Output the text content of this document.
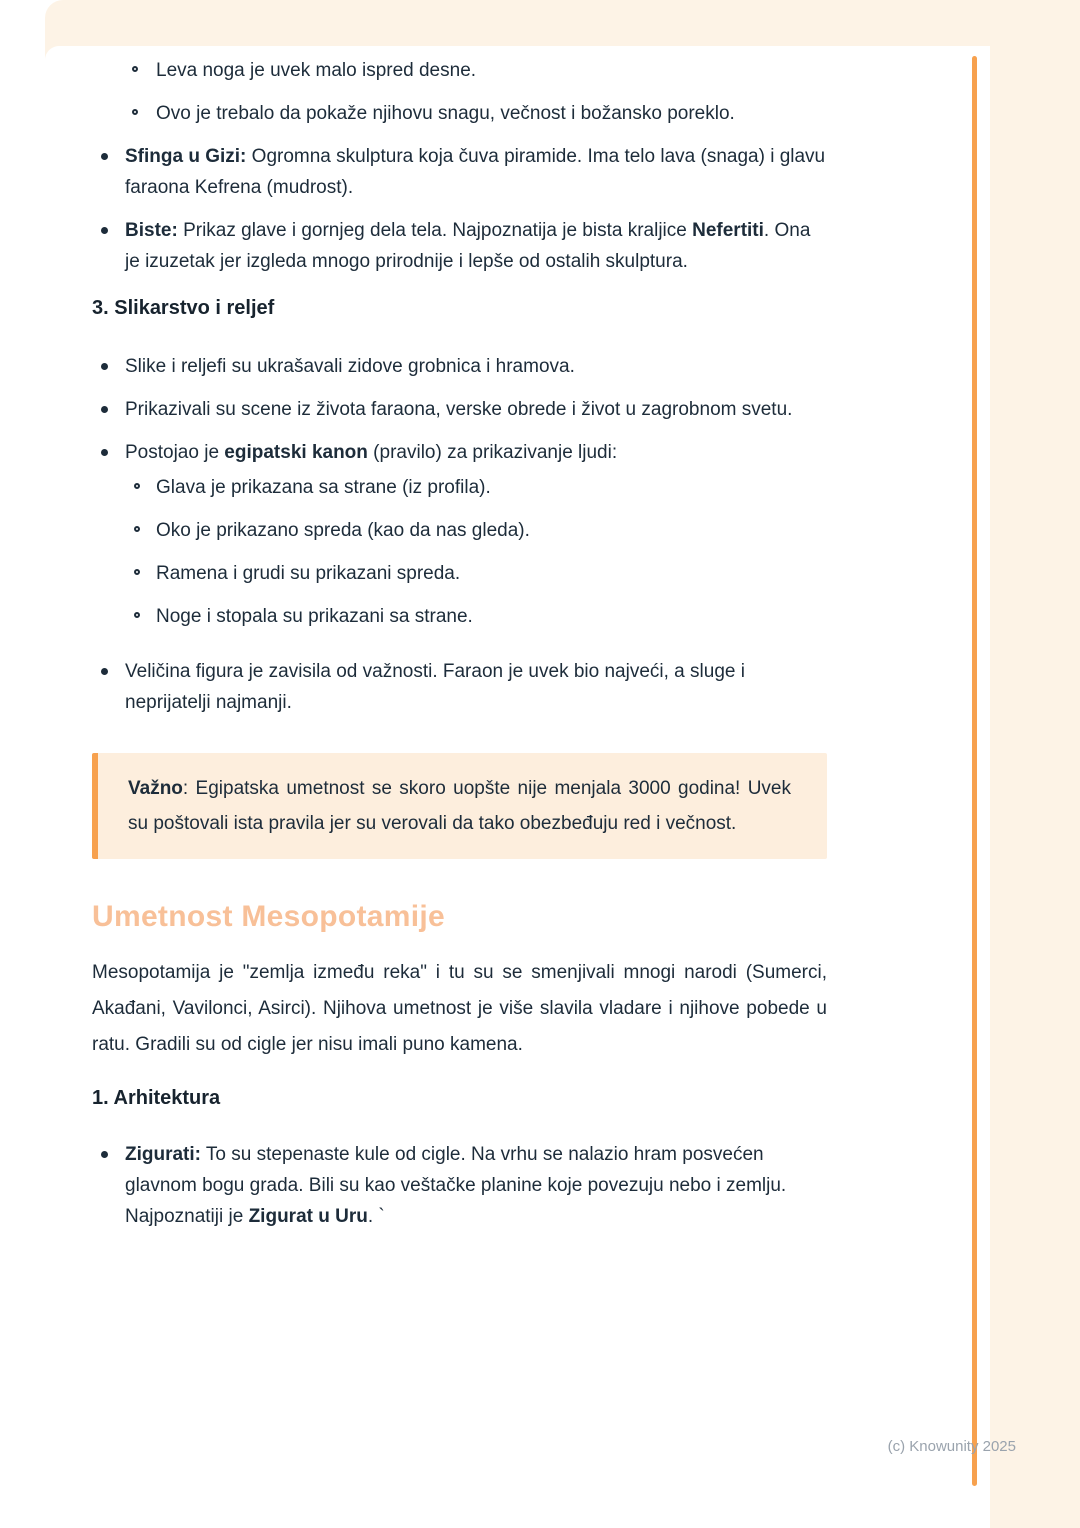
Leva noga je uvek malo ispred desne.
Ovo je trebalo da pokaže njihovu snagu, večnost i božansko poreklo.
Sfinga u Gizi: Ogromna skulptura koja čuva piramide. Ima telo lava (snaga) i glavu faraona Kefrena (mudrost).
Biste: Prikaz glave i gornjeg dela tela. Najpoznatija je bista kraljice Nefertiti. Ona je izuzetak jer izgleda mnogo prirodnije i lepše od ostalih skulptura.
3. Slikarstvo i reljef
Slike i reljefi su ukrašavali zidove grobnica i hramova.
Prikazivali su scene iz života faraona, verske obrede i život u zagrobnom svetu.
Postojao je egipatski kanon (pravilo) za prikazivanje ljudi:
Glava je prikazana sa strane (iz profila).
Oko je prikazano spreda (kao da nas gleda).
Ramena i grudi su prikazani spreda.
Noge i stopala su prikazani sa strane.
Veličina figura je zavisila od važnosti. Faraon je uvek bio najveći, a sluge i neprijatelji najmanji.

Važno: Egipatska umetnost se skoro uopšte nije menjala 3000 godina! Uvek su poštovali ista pravila jer su verovali da tako obezbeđuju red i večnost.

Umetnost Mesopotamije

Mesopotamija je "zemlja između reka" i tu su se smenjivali mnogi narodi (Sumerci, Akađani, Vavilonci, Asirci). Njihova umetnost je više slavila vladare i njihove pobede u ratu. Gradili su od cigle jer nisu imali puno kamena.

1. Arhitektura
Zigurati: To su stepenaste kule od cigle. Na vrhu se nalazio hram posvećen glavnom bogu grada. Bili su kao veštačke planine koje povezuju nebo i zemlju. Najpoznatiji je Zigurat u Uru. `
(c) Knowunity 2025
